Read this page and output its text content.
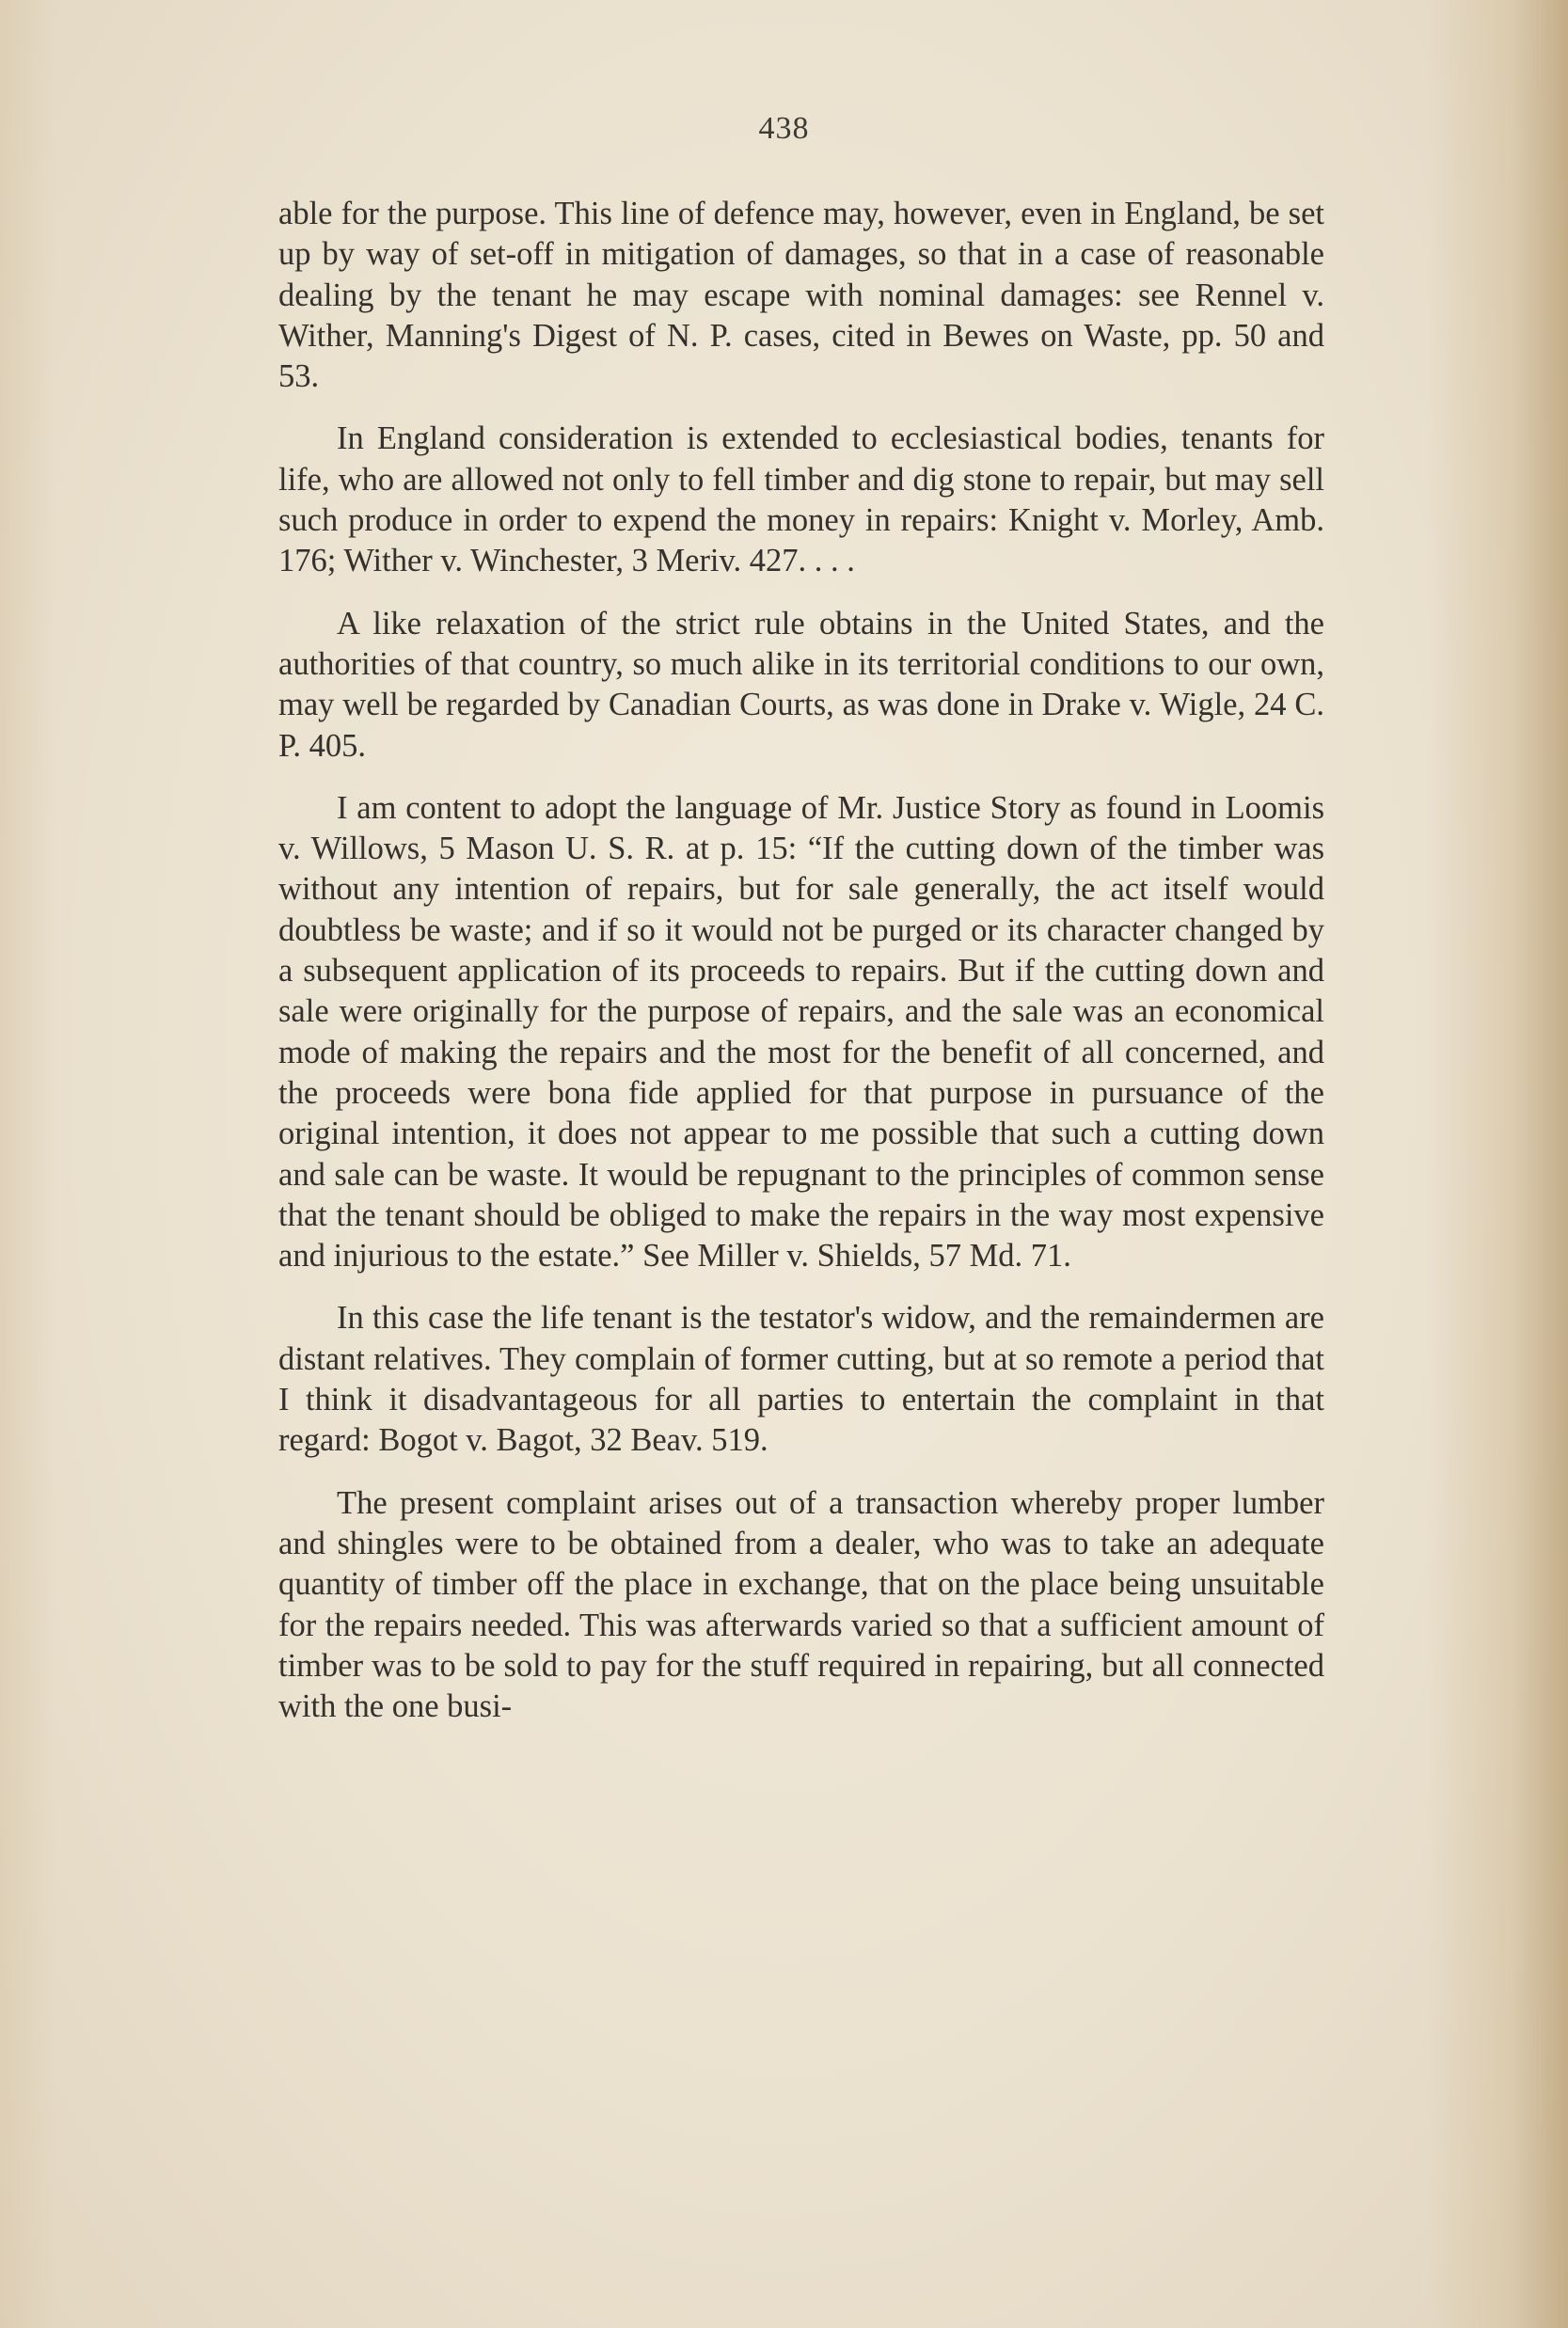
438

able for the purpose. This line of defence may, however, even in England, be set up by way of set-off in mitigation of damages, so that in a case of reasonable dealing by the tenant he may escape with nominal damages: see Rennel v. Wither, Manning's Digest of N. P. cases, cited in Bewes on Waste, pp. 50 and 53.

In England consideration is extended to ecclesiastical bodies, tenants for life, who are allowed not only to fell timber and dig stone to repair, but may sell such produce in order to expend the money in repairs: Knight v. Morley, Amb. 176; Wither v. Winchester, 3 Meriv. 427. . . .

A like relaxation of the strict rule obtains in the United States, and the authorities of that country, so much alike in its territorial conditions to our own, may well be regarded by Canadian Courts, as was done in Drake v. Wigle, 24 C. P. 405.

I am content to adopt the language of Mr. Justice Story as found in Loomis v. Willows, 5 Mason U. S. R. at p. 15: “If the cutting down of the timber was without any intention of repairs, but for sale generally, the act itself would doubtless be waste; and if so it would not be purged or its character changed by a subsequent application of its proceeds to repairs. But if the cutting down and sale were originally for the purpose of repairs, and the sale was an economical mode of making the repairs and the most for the benefit of all concerned, and the proceeds were bona fide applied for that purpose in pursuance of the original intention, it does not appear to me possible that such a cutting down and sale can be waste. It would be repugnant to the principles of common sense that the tenant should be obliged to make the repairs in the way most expensive and injurious to the estate.” See Miller v. Shields, 57 Md. 71.

In this case the life tenant is the testator's widow, and the remaindermen are distant relatives. They complain of former cutting, but at so remote a period that I think it disadvantageous for all parties to entertain the complaint in that regard: Bogot v. Bagot, 32 Beav. 519.

The present complaint arises out of a transaction whereby proper lumber and shingles were to be obtained from a dealer, who was to take an adequate quantity of timber off the place in exchange, that on the place being unsuitable for the repairs needed. This was afterwards varied so that a sufficient amount of timber was to be sold to pay for the stuff required in repairing, but all connected with the one busi-
